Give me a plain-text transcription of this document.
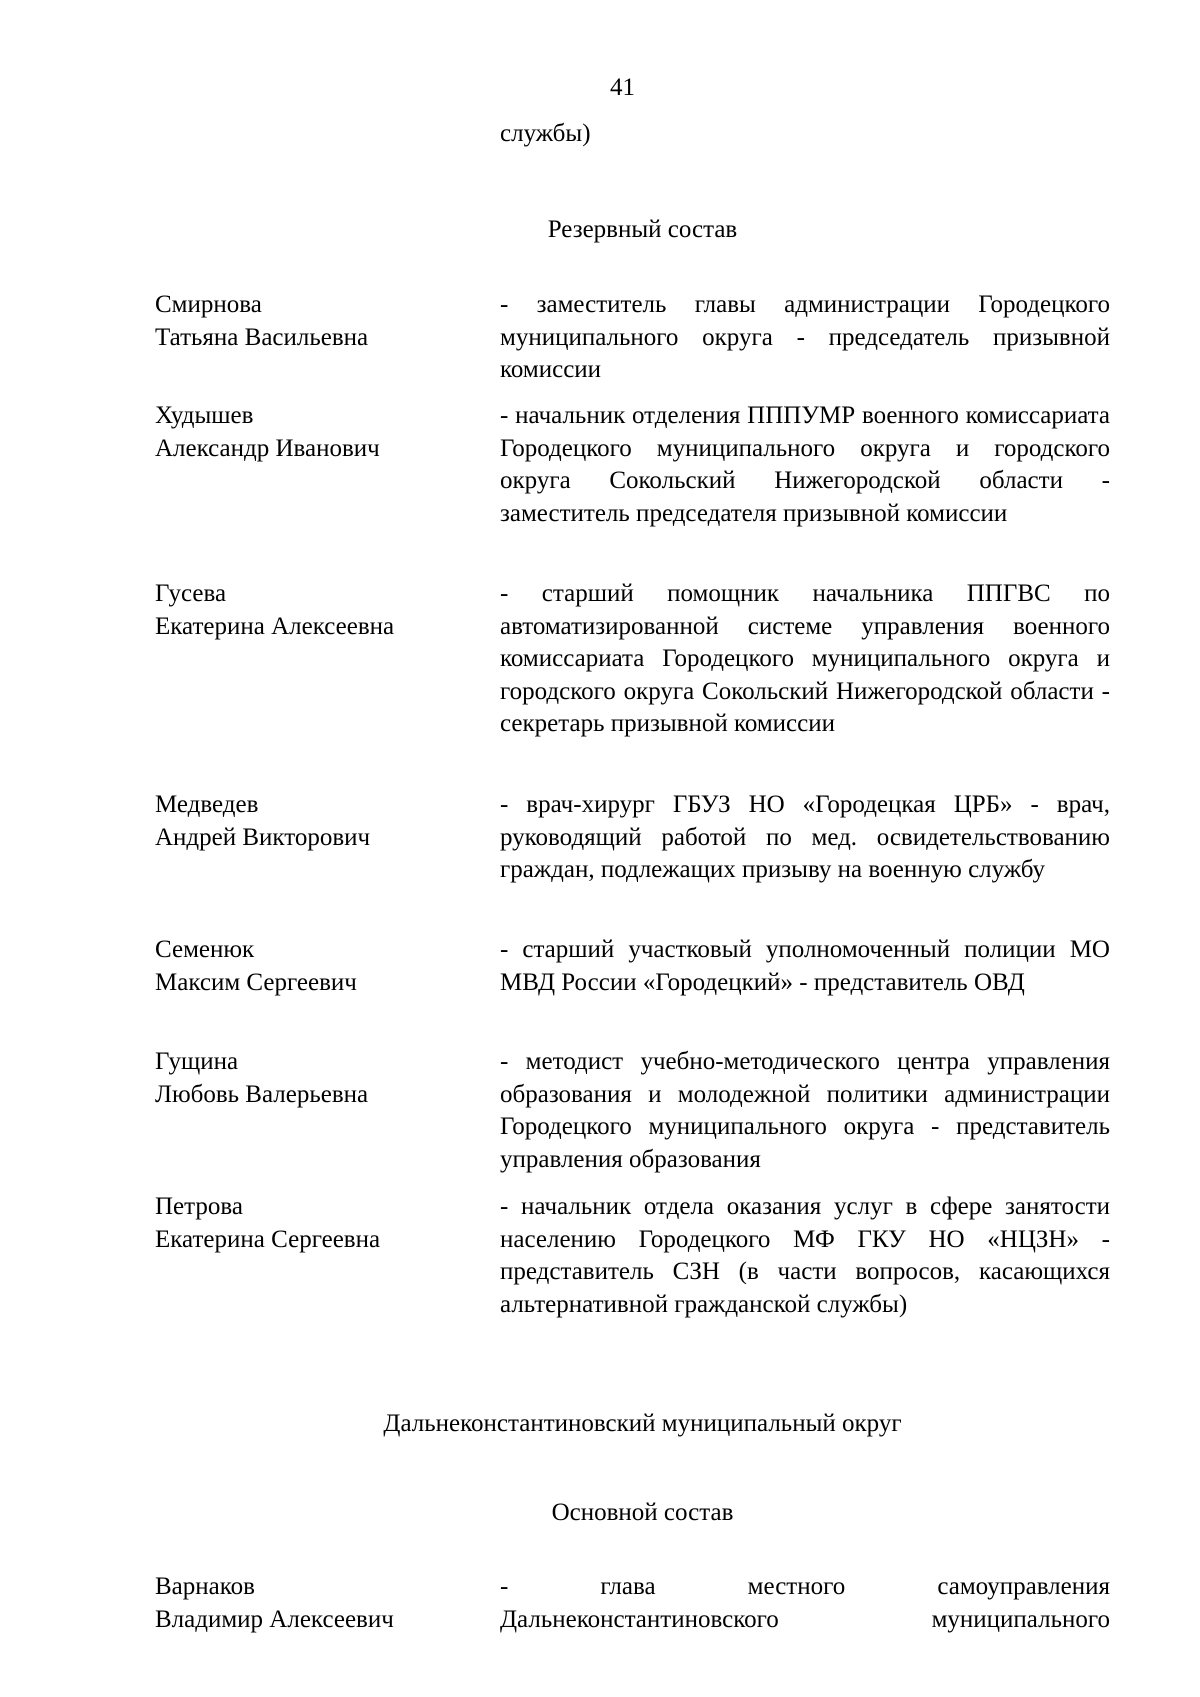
41
службы)
Резервный состав
Смирнова
Татьяна Васильевна
- заместитель главы администрации Городецкого муниципального округа - председатель призывной комиссии
Худышев
Александр Иванович
- начальник отделения ПППУМР военного комиссариата Городецкого муниципального округа и городского округа Сокольский Нижегородской области - заместитель председателя призывной комиссии
Гусева
Екатерина Алексеевна
- старший помощник начальника ППГВС по автоматизированной системе управления военного комиссариата Городецкого муниципального округа и городского округа Сокольский Нижегородской области - секретарь призывной комиссии
Медведев
Андрей Викторович
- врач-хирург ГБУЗ НО «Городецкая ЦРБ» - врач, руководящий работой по мед. освидетельствованию граждан, подлежащих призыву на военную службу
Семенюк
Максим Сергеевич
- старший участковый уполномоченный полиции МО МВД России «Городецкий» - представитель ОВД
Гущина
Любовь Валерьевна
- методист учебно-методического центра управления образования и молодежной политики администрации Городецкого муниципального округа - представитель управления образования
Петрова
Екатерина Сергеевна
- начальник отдела оказания услуг в сфере занятости населению Городецкого МФ ГКУ НО «НЦЗН» - представитель СЗН (в части вопросов, касающихся альтернативной гражданской службы)
Дальнеконстантиновский муниципальный округ
Основной состав
Варнаков
Владимир Алексеевич
- глава местного самоуправления Дальнеконстантиновского муниципального
